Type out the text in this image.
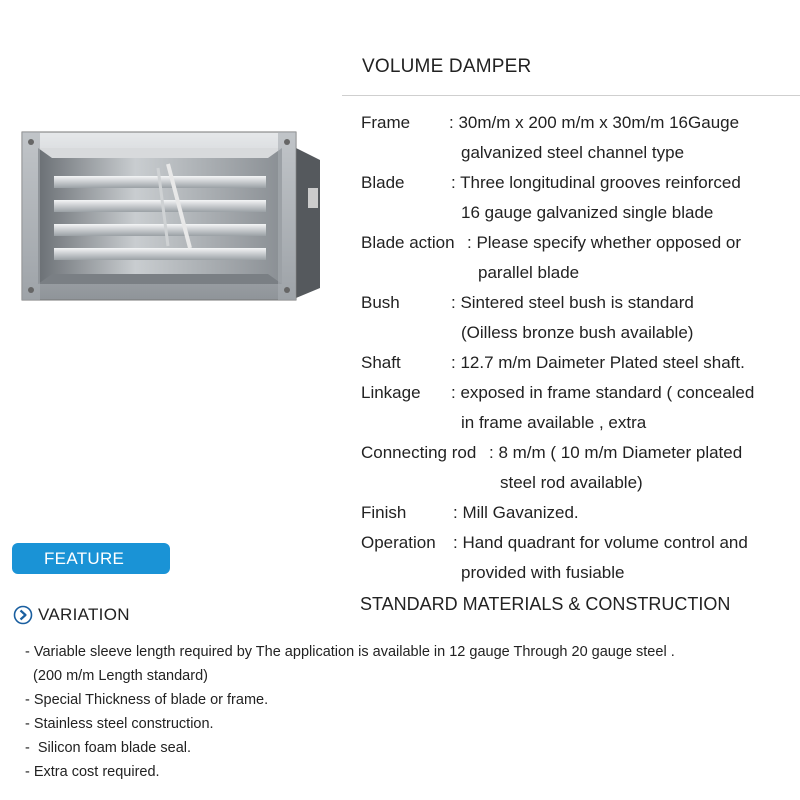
VOLUME DAMPER
Frame : 30m/m x 200 m/m x 30m/m 16Gauge
galvanized steel channel type
Blade	: Three longitudinal grooves reinforced
16 gauge galvanized single blade
Blade action : Please specify whether opposed or
parallel blade
Bush	: Sintered steel bush is standard
(Oilless bronze bush available)
Shaft	: 12.7 m/m Daimeter Plated steel shaft.
Linkage : exposed in frame standard ( concealed
in frame available , extra
Connecting rod : 8 m/m ( 10 m/m Diameter plated
steel rod available)
Finish	: Mill Gavanized.
Operation : Hand quadrant for volume control and
provided with fusiable
STANDARD MATERIALS & CONSTRUCTION
FEATURE
VARIATION
- Variable sleeve length required by The application is available in 12 gauge Through 20 gauge steel .
(200 m/m Length standard)
- Special Thickness of blade or frame.
- Stainless steel construction.
-  Silicon foam blade seal.
- Extra cost required.
